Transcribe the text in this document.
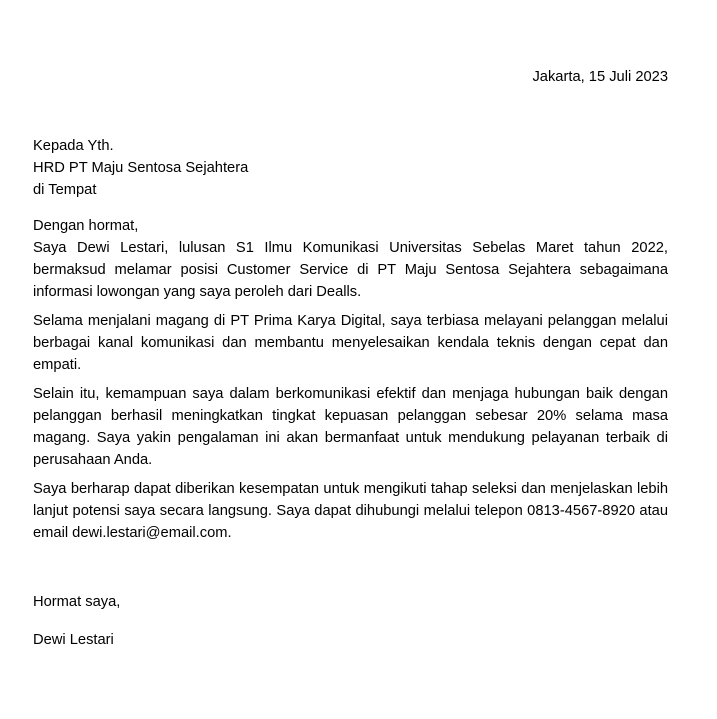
Jakarta, 15 Juli 2023
Kepada Yth.
HRD PT Maju Sentosa Sejahtera
di Tempat
Dengan hormat,
Saya Dewi Lestari, lulusan S1 Ilmu Komunikasi Universitas Sebelas Maret tahun 2022, bermaksud melamar posisi Customer Service di PT Maju Sentosa Sejahtera sebagaimana informasi lowongan yang saya peroleh dari Dealls.
Selama menjalani magang di PT Prima Karya Digital, saya terbiasa melayani pelanggan melalui berbagai kanal komunikasi dan membantu menyelesaikan kendala teknis dengan cepat dan empati.
Selain itu, kemampuan saya dalam berkomunikasi efektif dan menjaga hubungan baik dengan pelanggan berhasil meningkatkan tingkat kepuasan pelanggan sebesar 20% selama masa magang. Saya yakin pengalaman ini akan bermanfaat untuk mendukung pelayanan terbaik di perusahaan Anda.
Saya berharap dapat diberikan kesempatan untuk mengikuti tahap seleksi dan menjelaskan lebih lanjut potensi saya secara langsung. Saya dapat dihubungi melalui telepon 0813-4567-8920 atau email dewi.lestari@email.com.
Hormat saya,
Dewi Lestari
